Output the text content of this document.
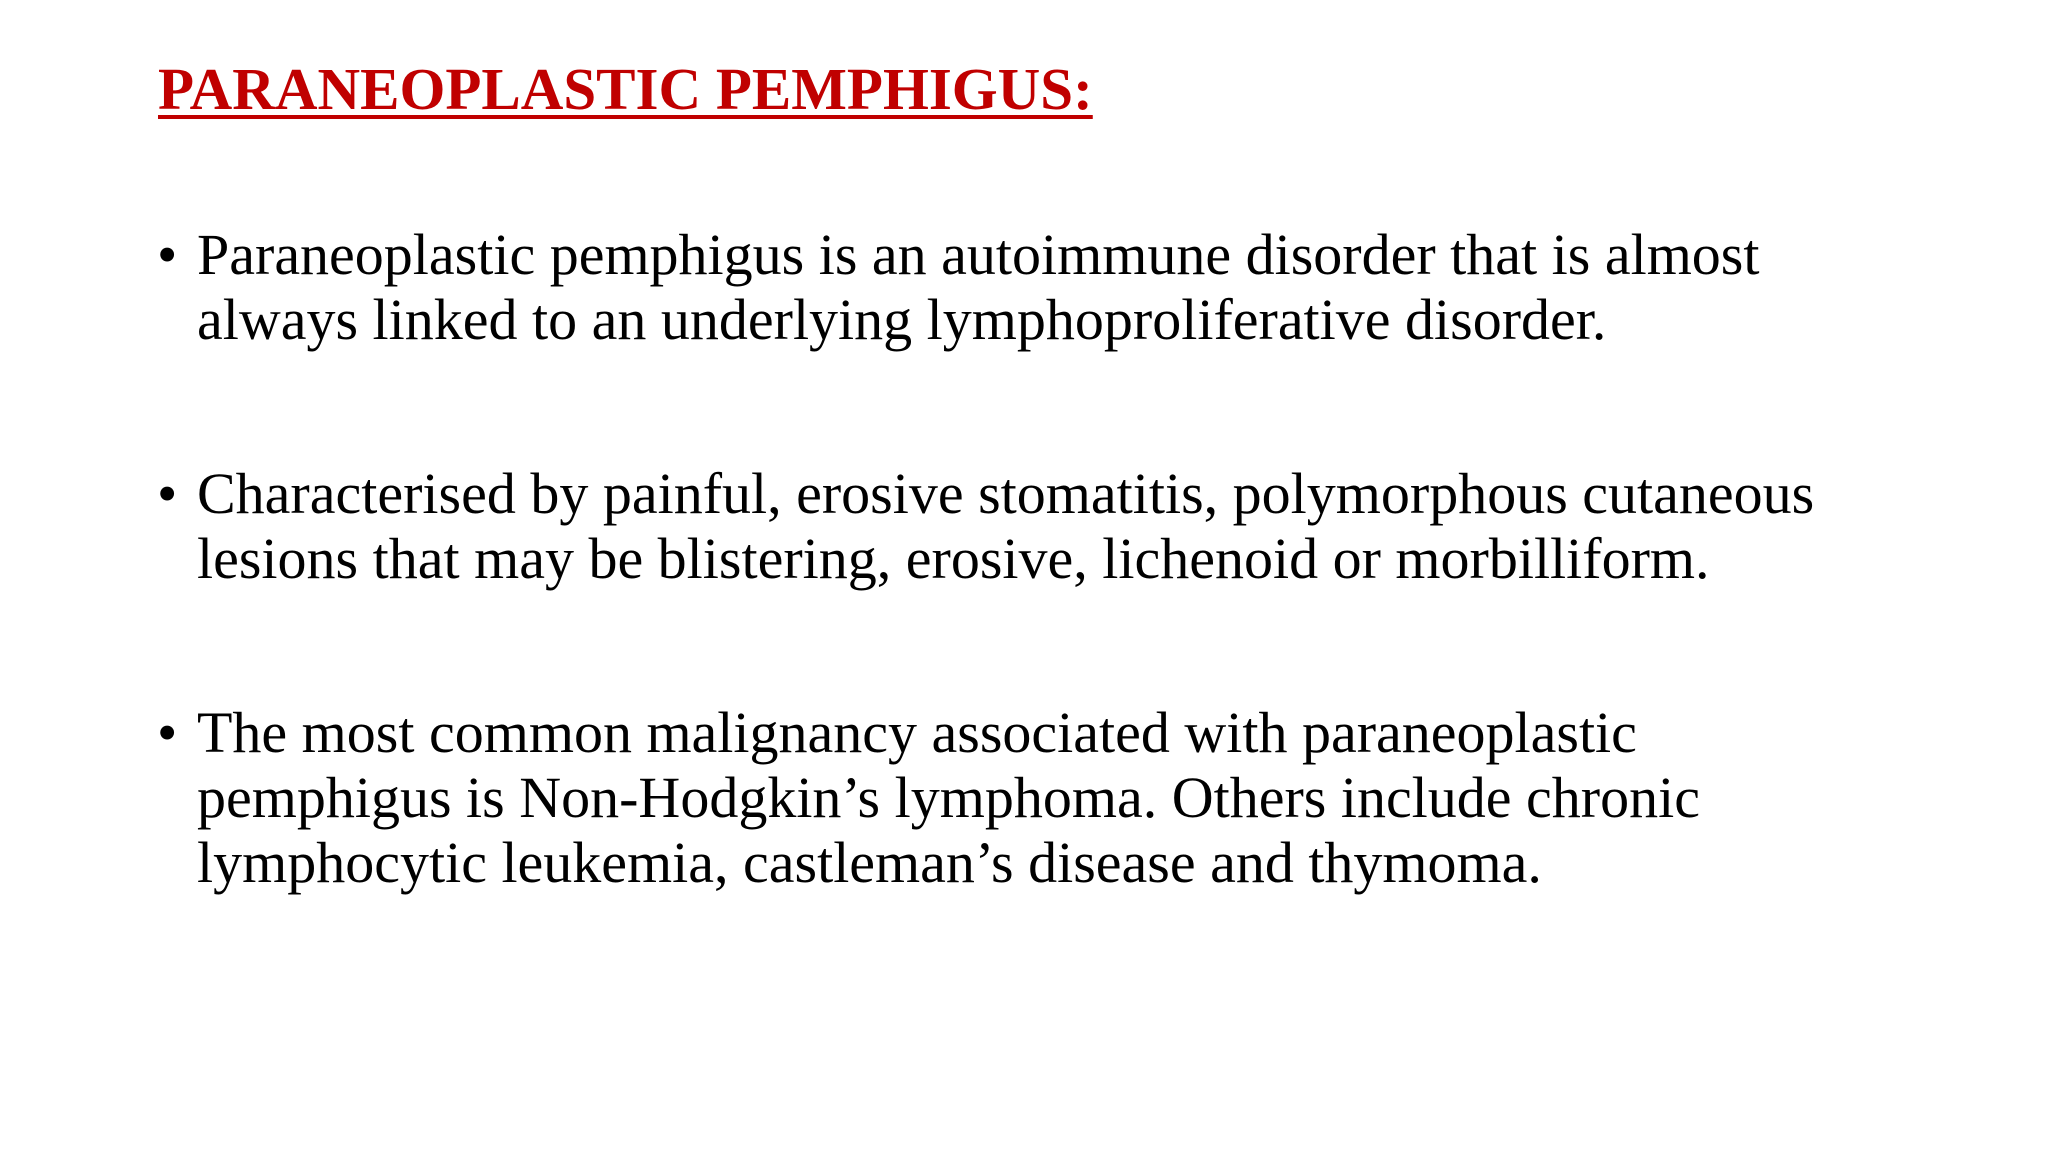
PARANEOPLASTIC PEMPHIGUS:
• Paraneoplastic pemphigus is an autoimmune disorder that is almost
always linked to an underlying lymphoproliferative disorder.
• Characterised by painful, erosive stomatitis, polymorphous cutaneous
lesions that may be blistering, erosive, lichenoid or morbilliform.
• The most common malignancy associated with paraneoplastic
pemphigus is Non-Hodgkin’s lymphoma. Others include chronic
lymphocytic leukemia, castleman’s disease and thymoma.
